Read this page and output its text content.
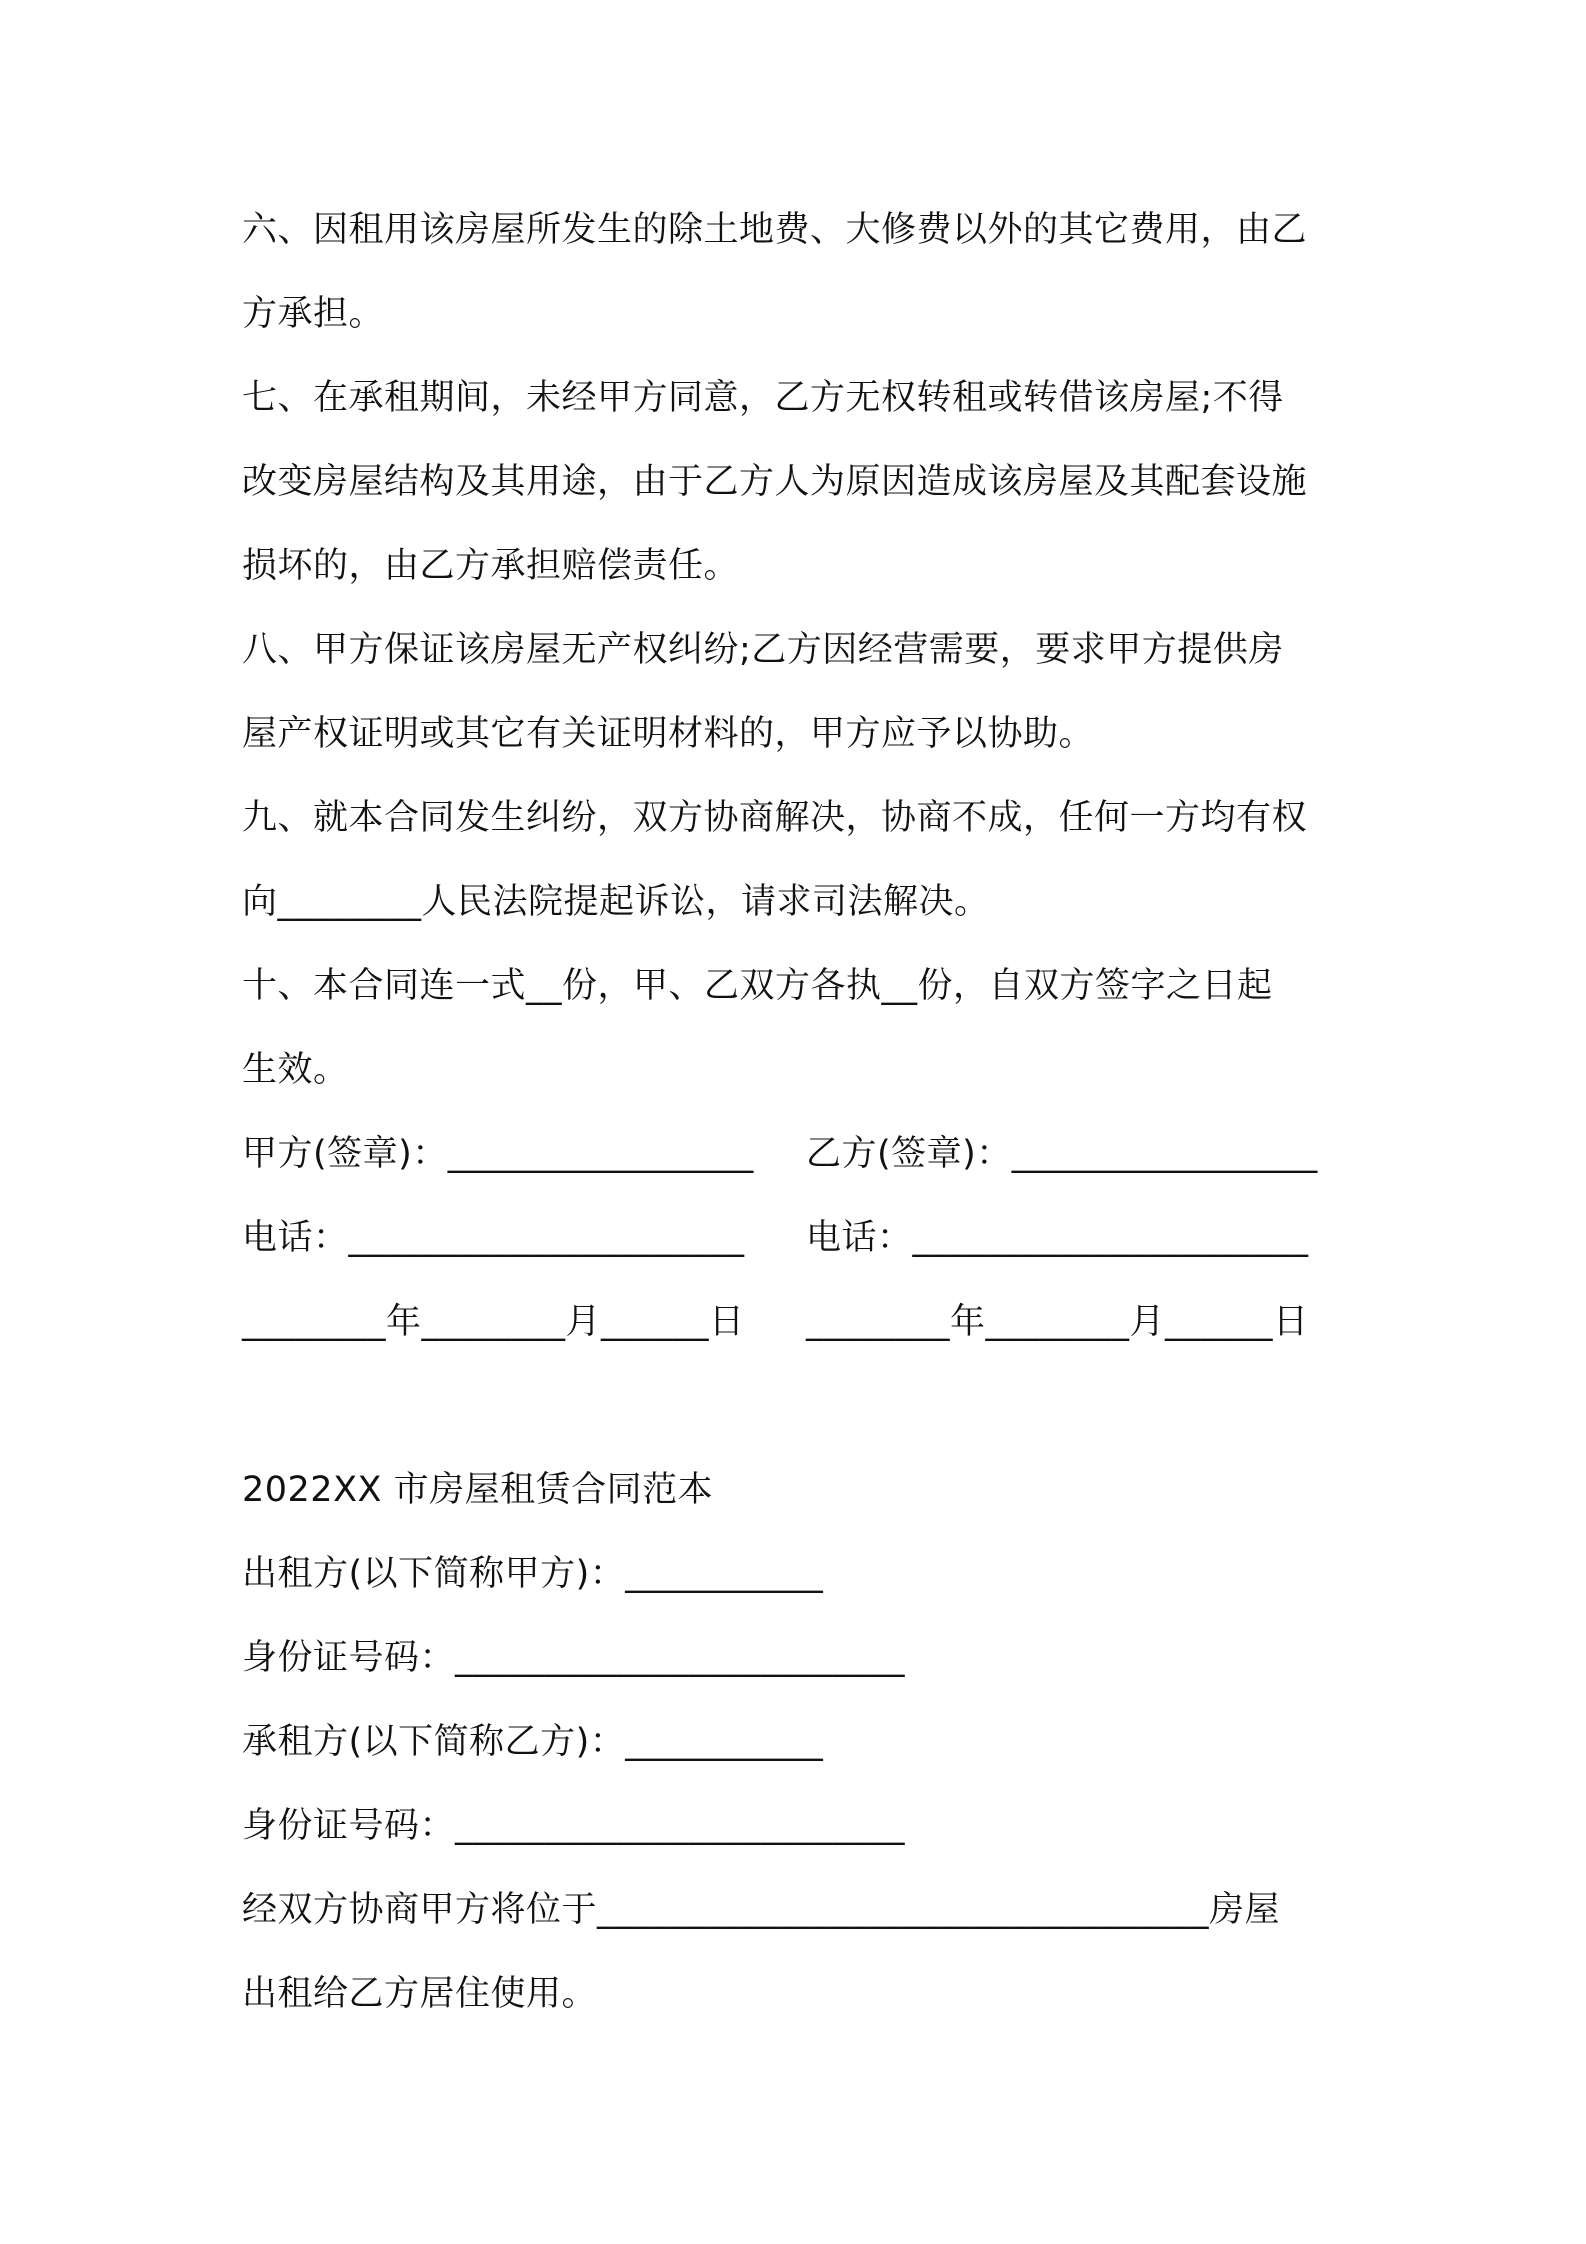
六、因租用该房屋所发生的除土地费、大修费以外的其它费用，由乙
方承担。
七、在承租期间，未经甲方同意，乙方无权转租或转借该房屋;不得
改变房屋结构及其用途，由于乙方人为原因造成该房屋及其配套设施
损坏的，由乙方承担赔偿责任。
八、甲方保证该房屋无产权纠纷;乙方因经营需要，要求甲方提供房
屋产权证明或其它有关证明材料的，甲方应予以协助。
九、就本合同发生纠纷，双方协商解决，协商不成，任何一方均有权
向________人民法院提起诉讼，请求司法解决。
十、本合同连一式__份，甲、乙双方各执__份，自双方签字之日起
生效。
甲方(签章)：_________________ 乙方(签章)：_________________
电话：______________________ 电话：______________________
________年________月______日 ________年________月______日
2022XX 市房屋租赁合同范本
出租方(以下简称甲方)：___________
身份证号码：_________________________
承租方(以下简称乙方)：___________
身份证号码：_________________________
经双方协商甲方将位于__________________________________房屋
出租给乙方居住使用。
